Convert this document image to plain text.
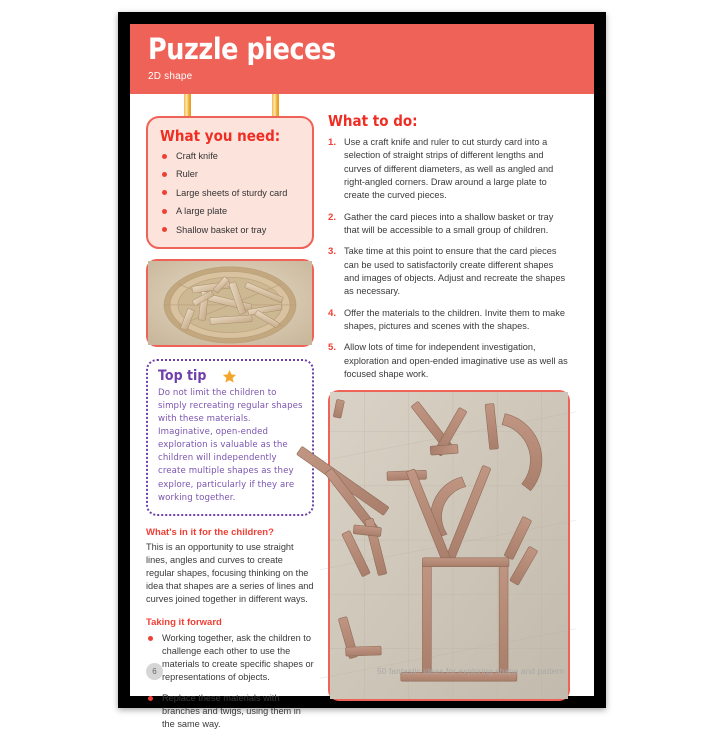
Puzzle pieces
2D shape
What you need:
Craft knife
Ruler
Large sheets of sturdy card
A large plate
Shallow basket or tray
Top tip
Do not limit the children to simply recreating regular shapes with these materials. Imaginative, open-ended exploration is valuable as the children will independently create multiple shapes as they explore, particularly if they are working together.
What's in it for the children?
This is an opportunity to use straight lines, angles and curves to create regular shapes, focusing thinking on the idea that shapes are a series of lines and curves joined together in different ways.
Taking it forward
Working together, ask the children to challenge each other to use the materials to create specific shapes or representations of objects.
Replace these materials with branches and twigs, using them in the same way.
What to do:
1. Use a craft knife and ruler to cut sturdy card into a selection of straight strips of different lengths and curves of different diameters, as well as angled and right-angled corners. Draw around a large plate to create the curved pieces.
2. Gather the card pieces into a shallow basket or tray that will be accessible to a small group of children.
3. Take time at this point to ensure that the card pieces can be used to satisfactorily create different shapes and images of objects. Adjust and recreate the shapes as necessary.
4. Offer the materials to the children. Invite them to make shapes, pictures and scenes with the shapes.
5. Allow lots of time for independent investigation, exploration and open-ended imaginative use as well as focused shape work.
6	50 fantastic ideas for exploring shape and pattern
